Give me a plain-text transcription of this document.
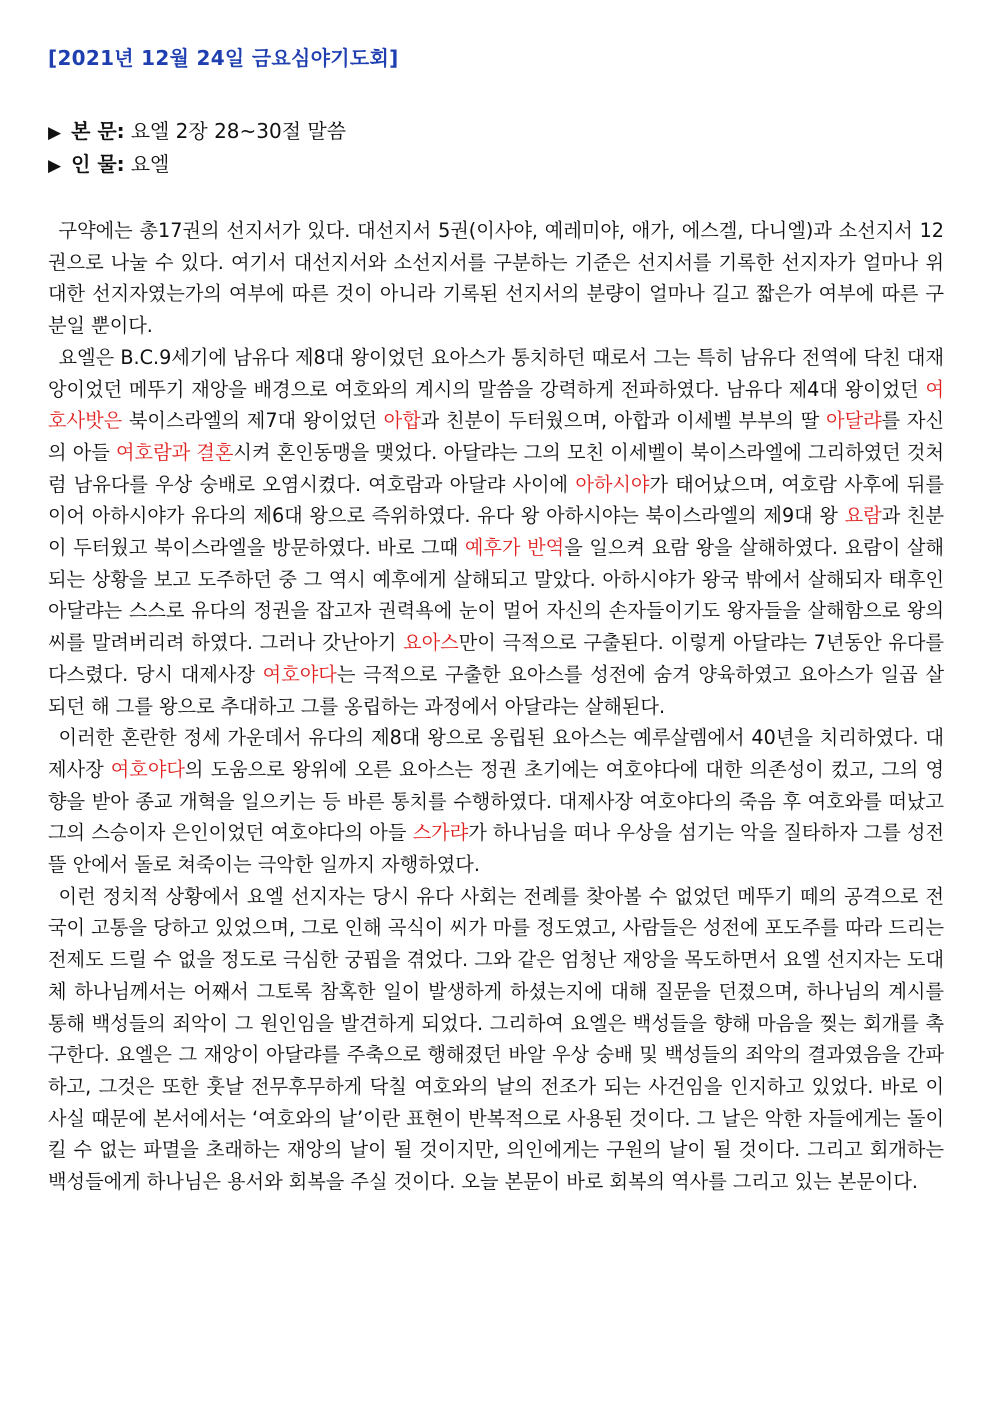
[2021년 12월 24일 금요심야기도회]
▶ 본 문: 요엘 2장 28~30절 말씀
▶ 인 물: 요엘

구약에는 총17권의 선지서가 있다. 대선지서 5권(이사야, 예레미야, 애가, 에스겔, 다니엘)과 소선지서 12권으로 나눌 수 있다. 여기서 대선지서와 소선지서를 구분하는 기준은 선지서를 기록한 선지자가 얼마나 위대한 선지자였는가의 여부에 따른 것이 아니라 기록된 선지서의 분량이 얼마나 길고 짧은가 여부에 따른 구분일 뿐이다.

요엘은 B.C.9세기에 남유다 제8대 왕이었던 요아스가 통치하던 때로서 그는 특히 남유다 전역에 닥친 대재앙이었던 메뚜기 재앙을 배경으로 여호와의 계시의 말씀을 강력하게 전파하였다. 남유다 제4대 왕이었던 여호사밧은 북이스라엘의 제7대 왕이었던 아합과 친분이 두터웠으며, 아합과 이세벨 부부의 딸 아달랴를 자신의 아들 여호람과 결혼시켜 혼인동맹을 맺었다. 아달랴는 그의 모친 이세벨이 북이스라엘에 그리하였던 것처럼 남유다를 우상 숭배로 오염시켰다. 여호람과 아달랴 사이에 아하시야가 태어났으며, 여호람 사후에 뒤를 이어 아하시야가 유다의 제6대 왕으로 즉위하였다. 유다 왕 아하시야는 북이스라엘의 제9대 왕 요람과 친분이 두터웠고 북이스라엘을 방문하였다. 바로 그때 예후가 반역을 일으켜 요람 왕을 살해하였다. 요람이 살해되는 상황을 보고 도주하던 중 그 역시 예후에게 살해되고 말았다. 아하시야가 왕국 밖에서 살해되자 태후인 아달랴는 스스로 유다의 정권을 잡고자 권력욕에 눈이 멀어 자신의 손자들이기도 왕자들을 살해함으로 왕의 씨를 말려버리려 하였다. 그러나 갓난아기 요아스만이 극적으로 구출된다. 이렇게 아달랴는 7년동안 유다를 다스렸다. 당시 대제사장 여호야다는 극적으로 구출한 요아스를 성전에 숨겨 양육하였고 요아스가 일곱 살 되던 해 그를 왕으로 추대하고 그를 옹립하는 과정에서 아달랴는 살해된다.

이러한 혼란한 정세 가운데서 유다의 제8대 왕으로 옹립된 요아스는 예루살렘에서 40년을 치리하였다. 대제사장 여호야다의 도움으로 왕위에 오른 요아스는 정권 초기에는 여호야다에 대한 의존성이 컸고, 그의 영향을 받아 종교 개혁을 일으키는 등 바른 통치를 수행하였다. 대제사장 여호야다의 죽음 후 여호와를 떠났고 그의 스승이자 은인이었던 여호야다의 아들 스가랴가 하나님을 떠나 우상을 섬기는 악을 질타하자 그를 성전 뜰 안에서 돌로 쳐죽이는 극악한 일까지 자행하였다.

이런 정치적 상황에서 요엘 선지자는 당시 유다 사회는 전례를 찾아볼 수 없었던 메뚜기 떼의 공격으로 전국이 고통을 당하고 있었으며, 그로 인해 곡식이 씨가 마를 정도였고, 사람들은 성전에 포도주를 따라 드리는 전제도 드릴 수 없을 정도로 극심한 궁핍을 겪었다. 그와 같은 엄청난 재앙을 목도하면서 요엘 선지자는 도대체 하나님께서는 어째서 그토록 참혹한 일이 발생하게 하셨는지에 대해 질문을 던졌으며, 하나님의 계시를 통해 백성들의 죄악이 그 원인임을 발견하게 되었다. 그리하여 요엘은 백성들을 향해 마음을 찢는 회개를 촉구한다. 요엘은 그 재앙이 아달랴를 주축으로 행해졌던 바알 우상 숭배 및 백성들의 죄악의 결과였음을 간파하고, 그것은 또한 훗날 전무후무하게 닥칠 여호와의 날의 전조가 되는 사건임을 인지하고 있었다. 바로 이 사실 때문에 본서에서는 ‘여호와의 날’이란 표현이 반복적으로 사용된 것이다. 그 날은 악한 자들에게는 돌이킬 수 없는 파멸을 초래하는 재앙의 날이 될 것이지만, 의인에게는 구원의 날이 될 것이다. 그리고 회개하는 백성들에게 하나님은 용서와 회복을 주실 것이다. 오늘 본문이 바로 회복의 역사를 그리고 있는 본문이다.
